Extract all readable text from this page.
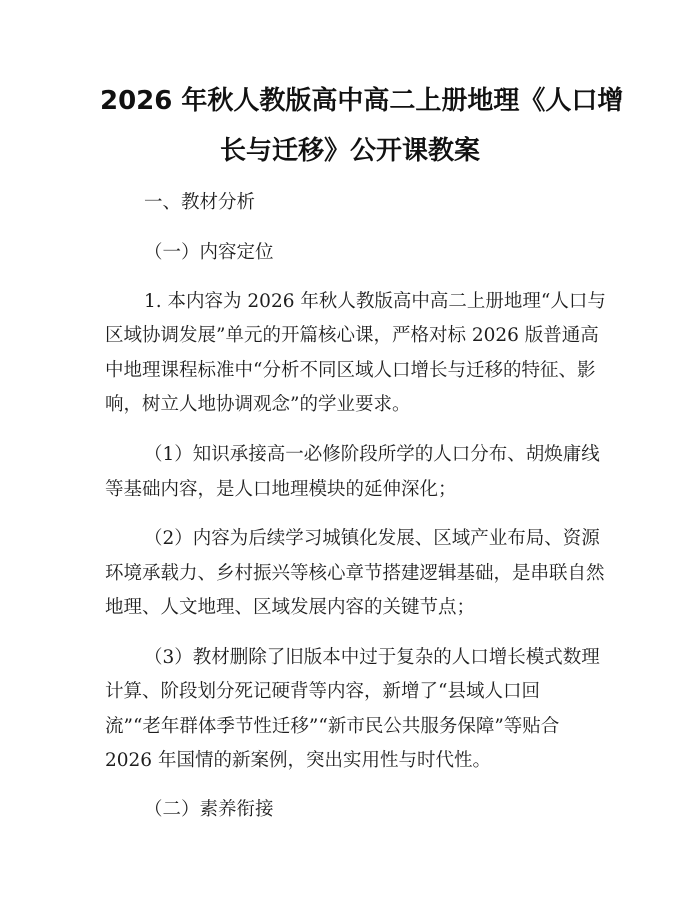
2026 年秋人教版高中高二上册地理《人口增
长与迁移》公开课教案
一、教材分析
（一）内容定位
1. 本内容为 2026 年秋人教版高中高二上册地理“人口与
区域协调发展”单元的开篇核心课，严格对标 2026 版普通高
中地理课程标准中“分析不同区域人口增长与迁移的特征、影
响，树立人地协调观念”的学业要求。
（1）知识承接高一必修阶段所学的人口分布、胡焕庸线
等基础内容，是人口地理模块的延伸深化；
（2）内容为后续学习城镇化发展、区域产业布局、资源
环境承载力、乡村振兴等核心章节搭建逻辑基础，是串联自然
地理、人文地理、区域发展内容的关键节点；
（3）教材删除了旧版本中过于复杂的人口增长模式数理
计算、阶段划分死记硬背等内容，新增了“县域人口回
流”“老年群体季节性迁移”“新市民公共服务保障”等贴合
2026 年国情的新案例，突出实用性与时代性。
（二）素养衔接
